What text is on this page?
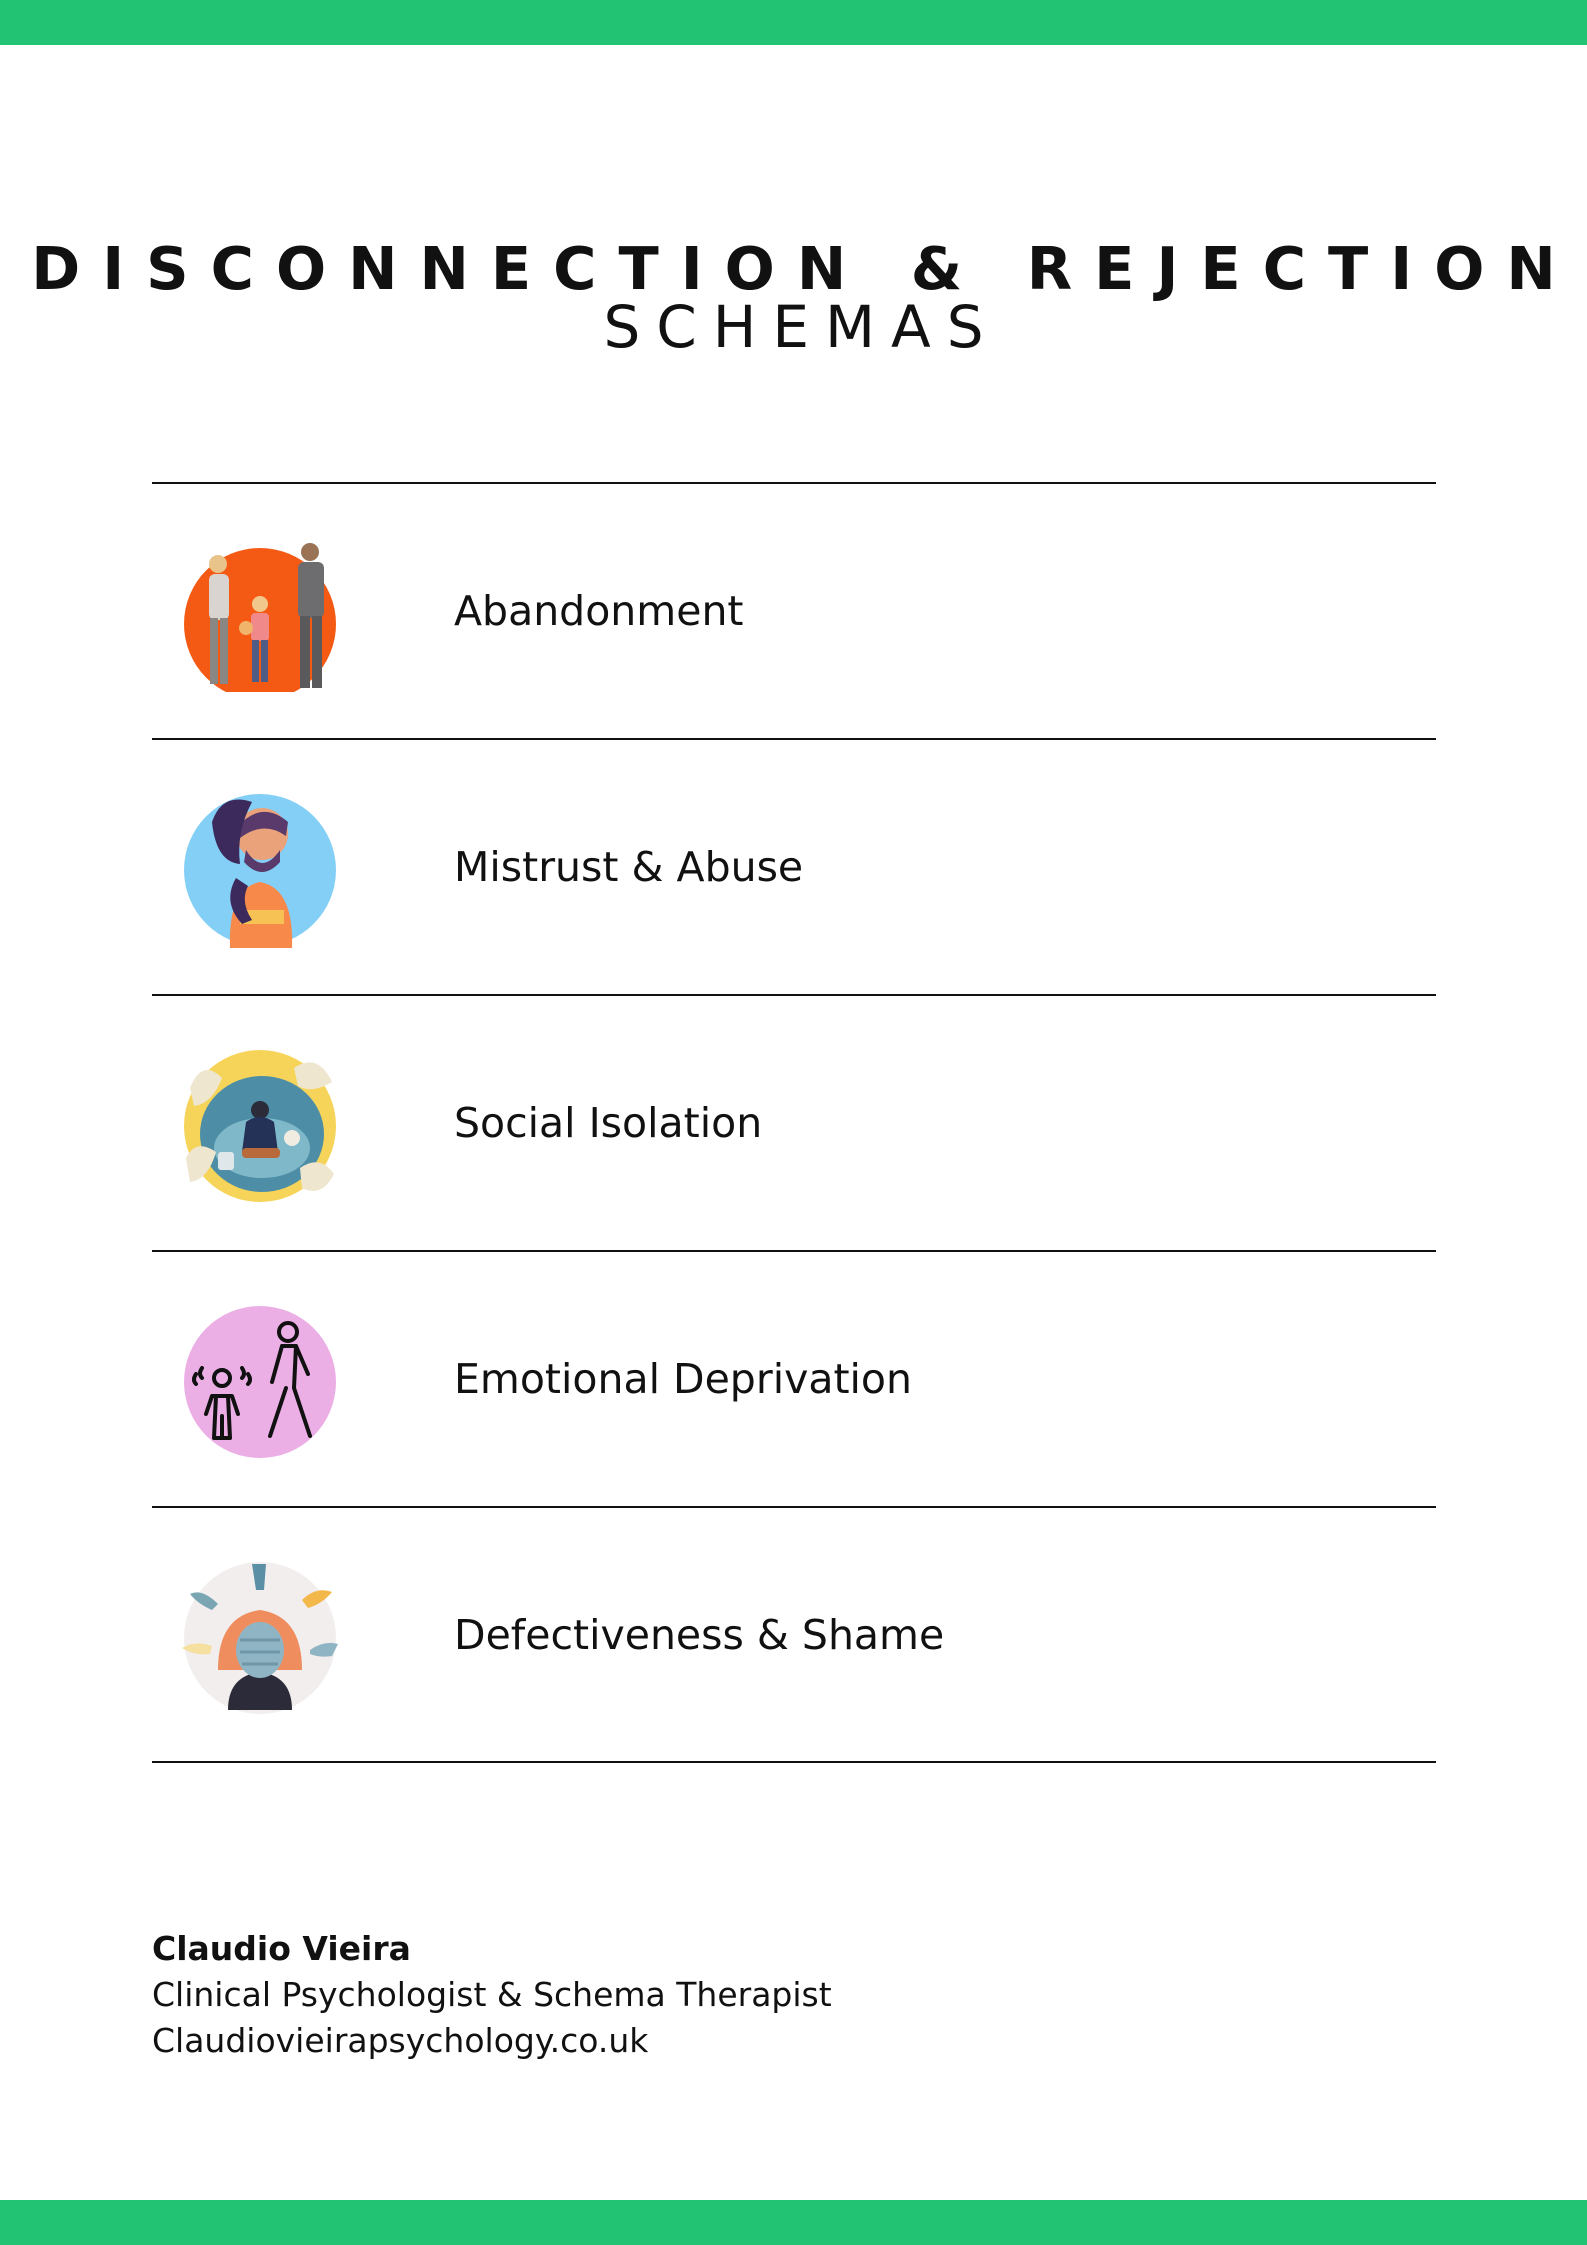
DISCONNECTION & REJECTION
SCHEMAS
Abandonment
Mistrust & Abuse
Social Isolation
Emotional Deprivation
Defectiveness & Shame
Claudio Vieira
Clinical Psychologist & Schema Therapist
Claudiovieirapsychology.co.uk
